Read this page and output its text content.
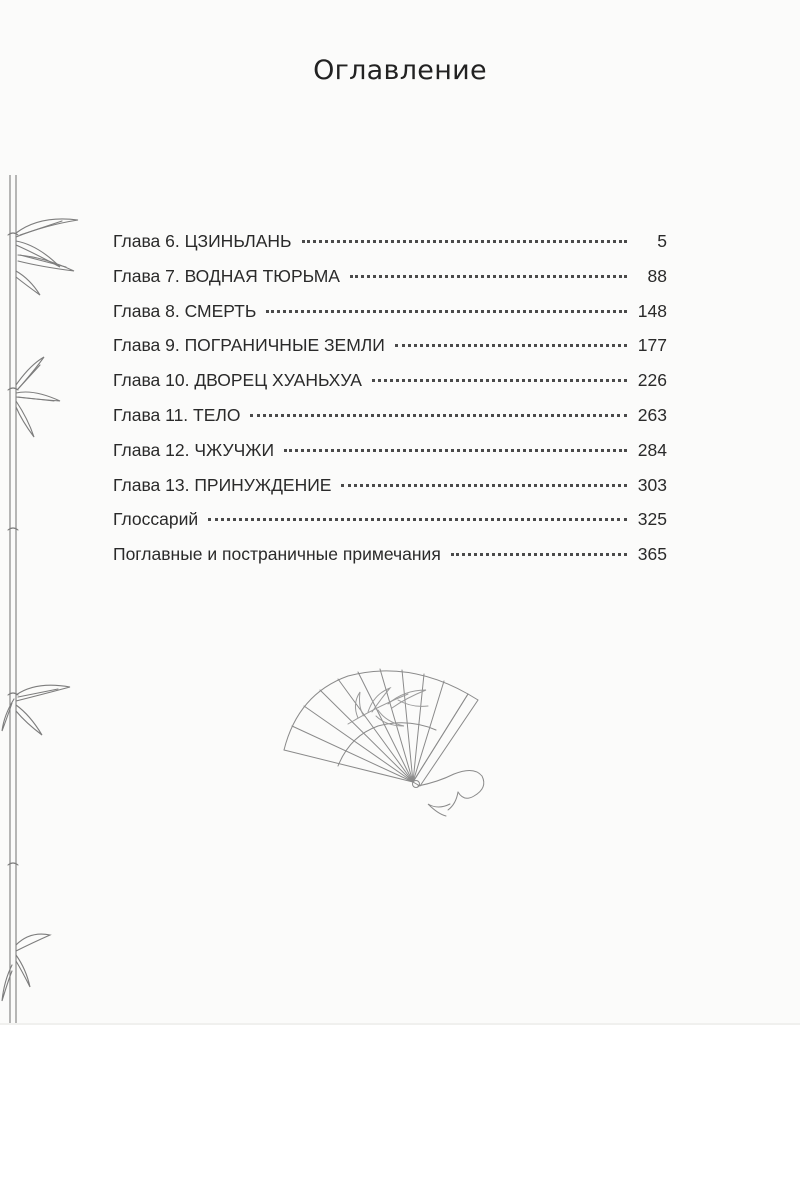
Оглавление
Глава 6. ЦЗИНЬЛАНЬ	5
Глава 7. ВОДНАЯ ТЮРЬМА	88
Глава 8. СМЕРТЬ	148
Глава 9. ПОГРАНИЧНЫЕ ЗЕМЛИ	177
Глава 10. ДВОРЕЦ ХУАНЬХУА	226
Глава 11. ТЕЛО	263
Глава 12. ЧЖУЧЖИ	284
Глава 13. ПРИНУЖДЕНИЕ	303
Глоссарий	325
Поглавные и постраничные примечания	365
